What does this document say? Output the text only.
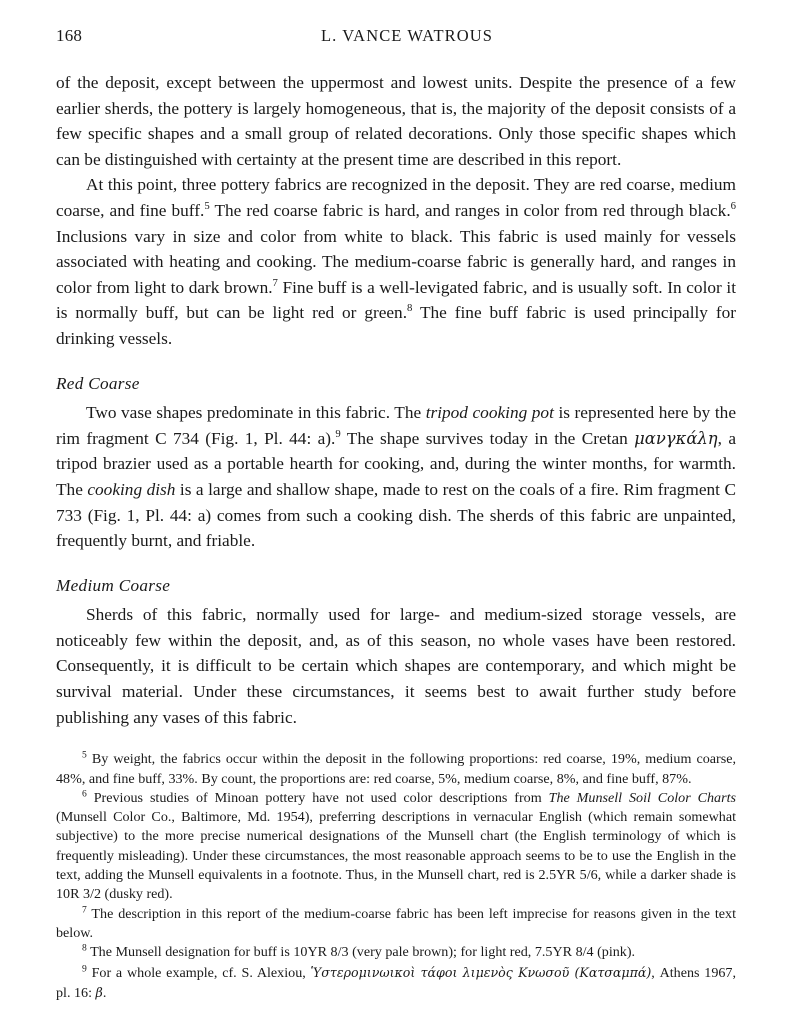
168	L. VANCE WATROUS

of the deposit, except between the uppermost and lowest units. Despite the presence of a few earlier sherds, the pottery is largely homogeneous, that is, the majority of the deposit consists of a few specific shapes and a small group of related decorations. Only those specific shapes which can be distinguished with certainty at the present time are described in this report.

At this point, three pottery fabrics are recognized in the deposit. They are red coarse, medium coarse, and fine buff.$^5$ The red coarse fabric is hard, and ranges in color from red through black.$^6$ Inclusions vary in size and color from white to black. This fabric is used mainly for vessels associated with heating and cooking. The medium-coarse fabric is generally hard, and ranges in color from light to dark brown.$^7$ Fine buff is a well-levigated fabric, and is usually soft. In color it is normally buff, but can be light red or green.$^8$ The fine buff fabric is used principally for drinking vessels.

Red Coarse

Two vase shapes predominate in this fabric. The tripod cooking pot is represented here by the rim fragment C 734 (Fig. 1, Pl. 44: a).$^9$ The shape survives today in the Cretan μανγκάλη, a tripod brazier used as a portable hearth for cooking, and, during the winter months, for warmth. The cooking dish is a large and shallow shape, made to rest on the coals of a fire. Rim fragment C 733 (Fig. 1, Pl. 44: a) comes from such a cooking dish. The sherds of this fabric are unpainted, frequently burnt, and friable.

Medium Coarse

Sherds of this fabric, normally used for large- and medium-sized storage vessels, are noticeably few within the deposit, and, as of this season, no whole vases have been restored. Consequently, it is difficult to be certain which shapes are contemporary, and which might be survival material. Under these circumstances, it seems best to await further study before publishing any vases of this fabric.

$^5$ By weight, the fabrics occur within the deposit in the following proportions: red coarse, 19%, medium coarse, 48%, and fine buff, 33%. By count, the proportions are: red coarse, 5%, medium coarse, 8%, and fine buff, 87%.

$^6$ Previous studies of Minoan pottery have not used color descriptions from The Munsell Soil Color Charts (Munsell Color Co., Baltimore, Md. 1954), preferring descriptions in vernacular English (which remain somewhat subjective) to the more precise numerical designations of the Munsell chart (the English terminology of which is frequently misleading). Under these circumstances, the most reasonable approach seems to be to use the English in the text, adding the Munsell equivalents in a footnote. Thus, in the Munsell chart, red is 2.5YR 5/6, while a darker shade is 10R 3/2 (dusky red).

$^7$ The description in this report of the medium-coarse fabric has been left imprecise for reasons given in the text below.

$^8$ The Munsell designation for buff is 10YR 8/3 (very pale brown); for light red, 7.5YR 8/4 (pink).

$^9$ For a whole example, cf. S. Alexiou, Ὑστερομινωικοὶ τάφοι λιμενὸς Κνωσοῦ (Κατσαμπά), Athens 1967, pl. 16: β.
